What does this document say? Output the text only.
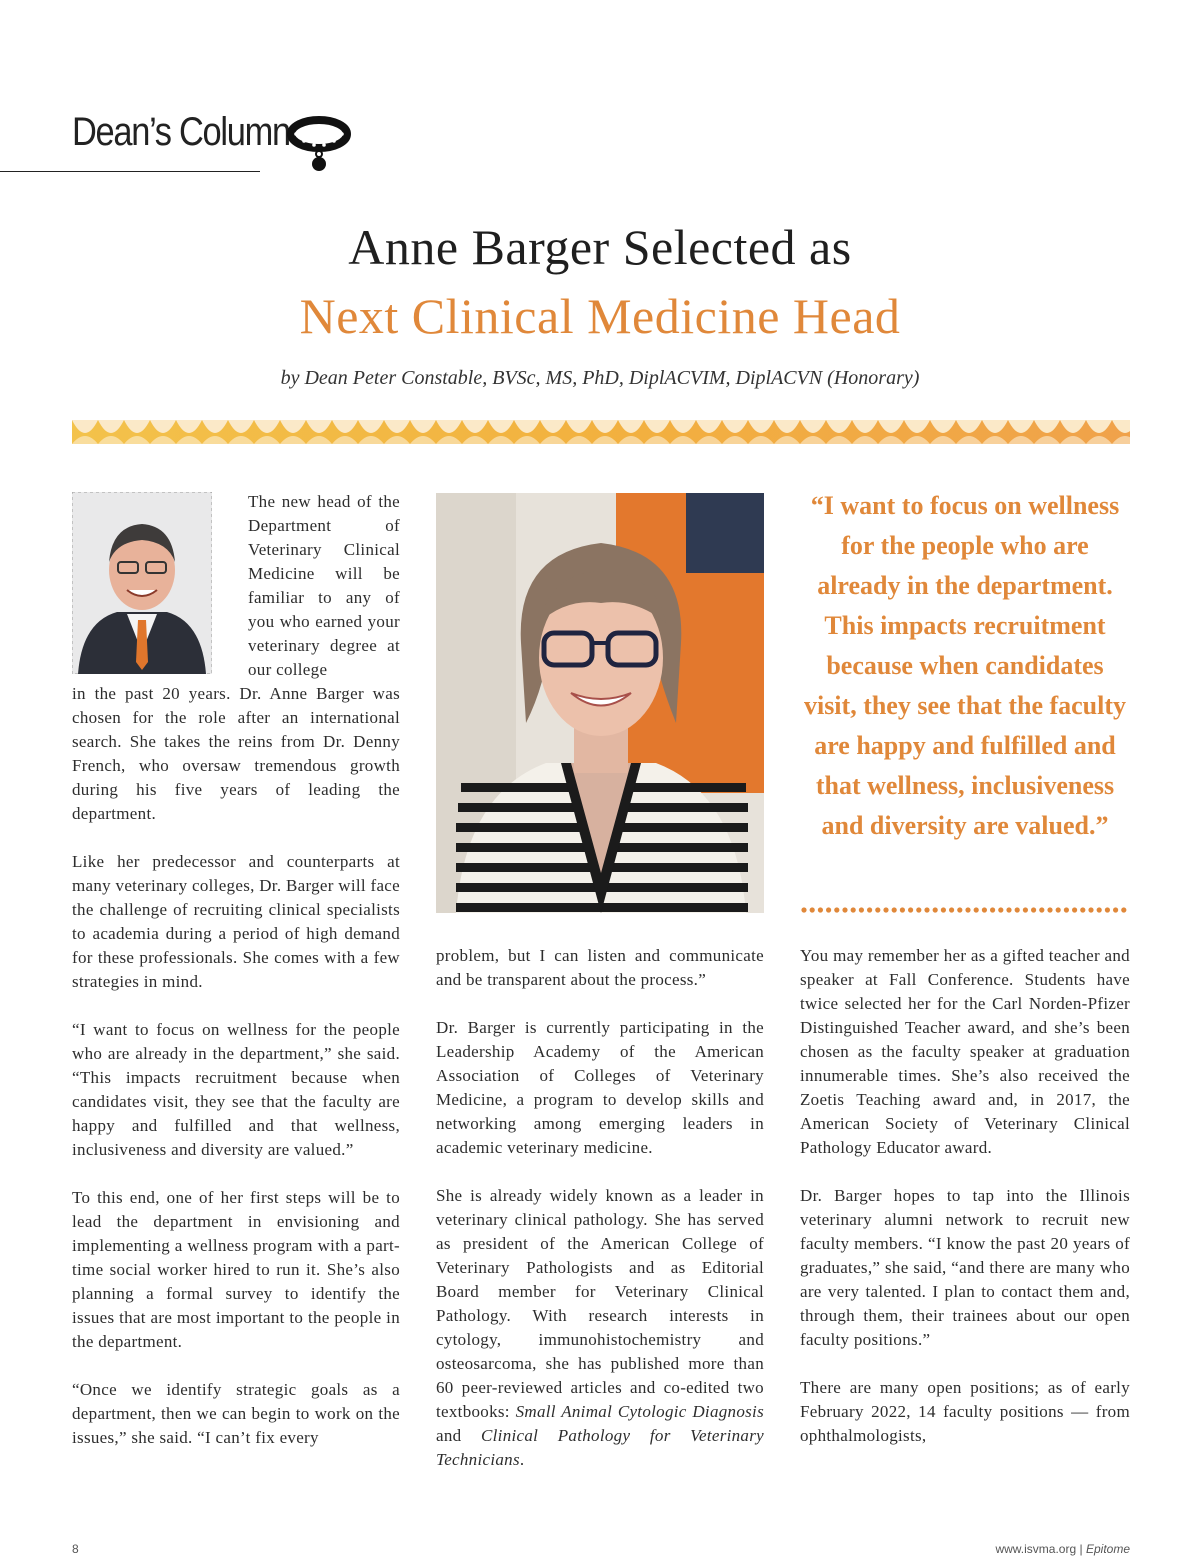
Dean’s Column
Anne Barger Selected as
Next Clinical Medicine Head
by Dean Peter Constable, BVSc, MS, PhD, DiplACVIM, DiplACVN (Honorary)
The new head of the Department of Veterinary Clinical Medicine will be familiar to any of you who earned your veterinary degree at our college

in the past 20 years. Dr. Anne Barger was chosen for the role after an international search. She takes the reins from Dr. Denny French, who oversaw tremendous growth during his five years of leading the department.

Like her predecessor and counterparts at many veterinary colleges, Dr. Barger will face the challenge of recruiting clinical specialists to academia during a period of high demand for these professionals. She comes with a few strategies in mind.

“I want to focus on wellness for the people who are already in the department,” she said. “This impacts recruitment because when candidates visit, they see that the faculty are happy and fulfilled and that wellness, inclusiveness and diversity are valued.”

To this end, one of her first steps will be to lead the department in envisioning and implementing a wellness program with a part-time social worker hired to run it. She’s also planning a formal survey to identify the issues that are most important to the people in the department.

“Once we identify strategic goals as a department, then we can begin to work on the issues,” she said. “I can’t fix every

problem, but I can listen and communicate and be transparent about the process.”

Dr. Barger is currently participating in the Leadership Academy of the American Association of Colleges of Veterinary Medicine, a program to develop skills and networking among emerging leaders in academic veterinary medicine.

She is already widely known as a leader in veterinary clinical pathology. She has served as president of the American College of Veterinary Pathologists and as Editorial Board member for Veterinary Clinical Pathology. With research interests in cytology, immunohistochemistry and osteosarcoma, she has published more than 60 peer-reviewed articles and co-edited two textbooks: Small Animal Cytologic Diagnosis and Clinical Pathology for Veterinary Technicians.

“I want to focus on wellness for the people who are already in the department. This impacts recruitment because when candidates visit, they see that the faculty are happy and fulfilled and that wellness, inclusiveness and diversity are valued.”

You may remember her as a gifted teacher and speaker at Fall Conference. Students have twice selected her for the Carl Norden-Pfizer Distinguished Teacher award, and she’s been chosen as the faculty speaker at graduation innumerable times. She’s also received the Zoetis Teaching award and, in 2017, the American Society of Veterinary Clinical Pathology Educator award.

Dr. Barger hopes to tap into the Illinois veterinary alumni network to recruit new faculty members. “I know the past 20 years of graduates,” she said, “and there are many who are very talented. I plan to contact them and, through them, their trainees about our open faculty positions.”

There are many open positions; as of early February 2022, 14 faculty positions — from ophthalmologists,

8	www.isvma.org | Epitome
